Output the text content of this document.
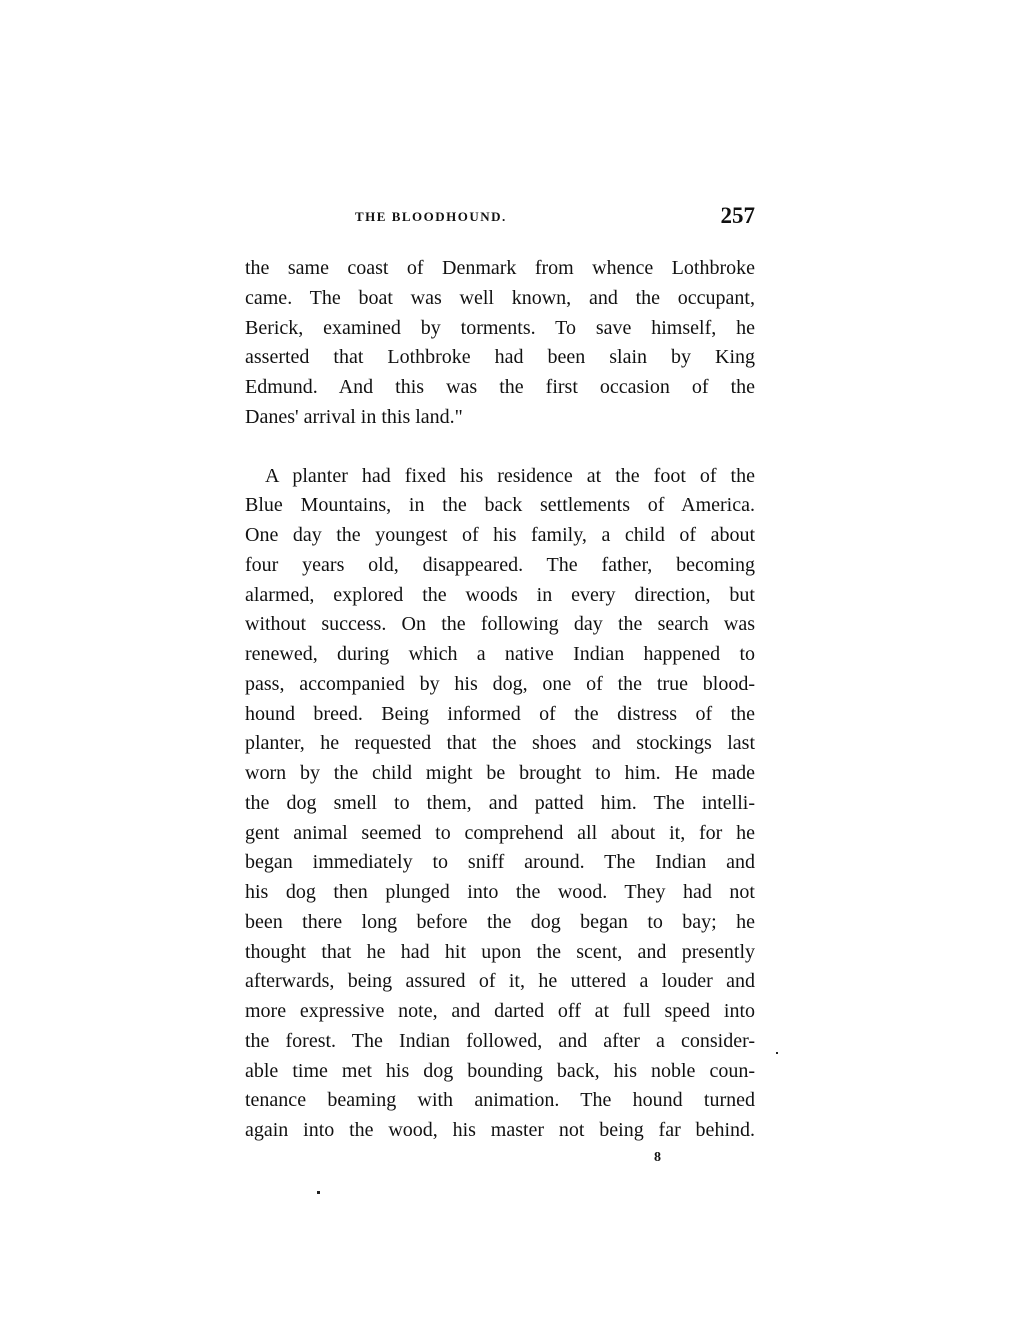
THE BLOODHOUND.	257
the same coast of Denmark from whence Lothbroke
came. The boat was well known, and the occupant,
Berick, examined by torments. To save himself, he
asserted that Lothbroke had been slain by King
Edmund. And this was the first occasion of the
Danes' arrival in this land."
A planter had fixed his residence at the foot of the
Blue Mountains, in the back settlements of America.
One day the youngest of his family, a child of about
four years old, disappeared. The father, becoming
alarmed, explored the woods in every direction, but
without success. On the following day the search was
renewed, during which a native Indian happened to
pass, accompanied by his dog, one of the true blood-
hound breed. Being informed of the distress of the
planter, he requested that the shoes and stockings last
worn by the child might be brought to him. He made
the dog smell to them, and patted him. The intelli-
gent animal seemed to comprehend all about it, for he
began immediately to sniff around. The Indian and
his dog then plunged into the wood. They had not
been there long before the dog began to bay; he
thought that he had hit upon the scent, and presently
afterwards, being assured of it, he uttered a louder and
more expressive note, and darted off at full speed into
the forest. The Indian followed, and after a consider-
able time met his dog bounding back, his noble coun-
tenance beaming with animation. The hound turned
again into the wood, his master not being far behind.
8
